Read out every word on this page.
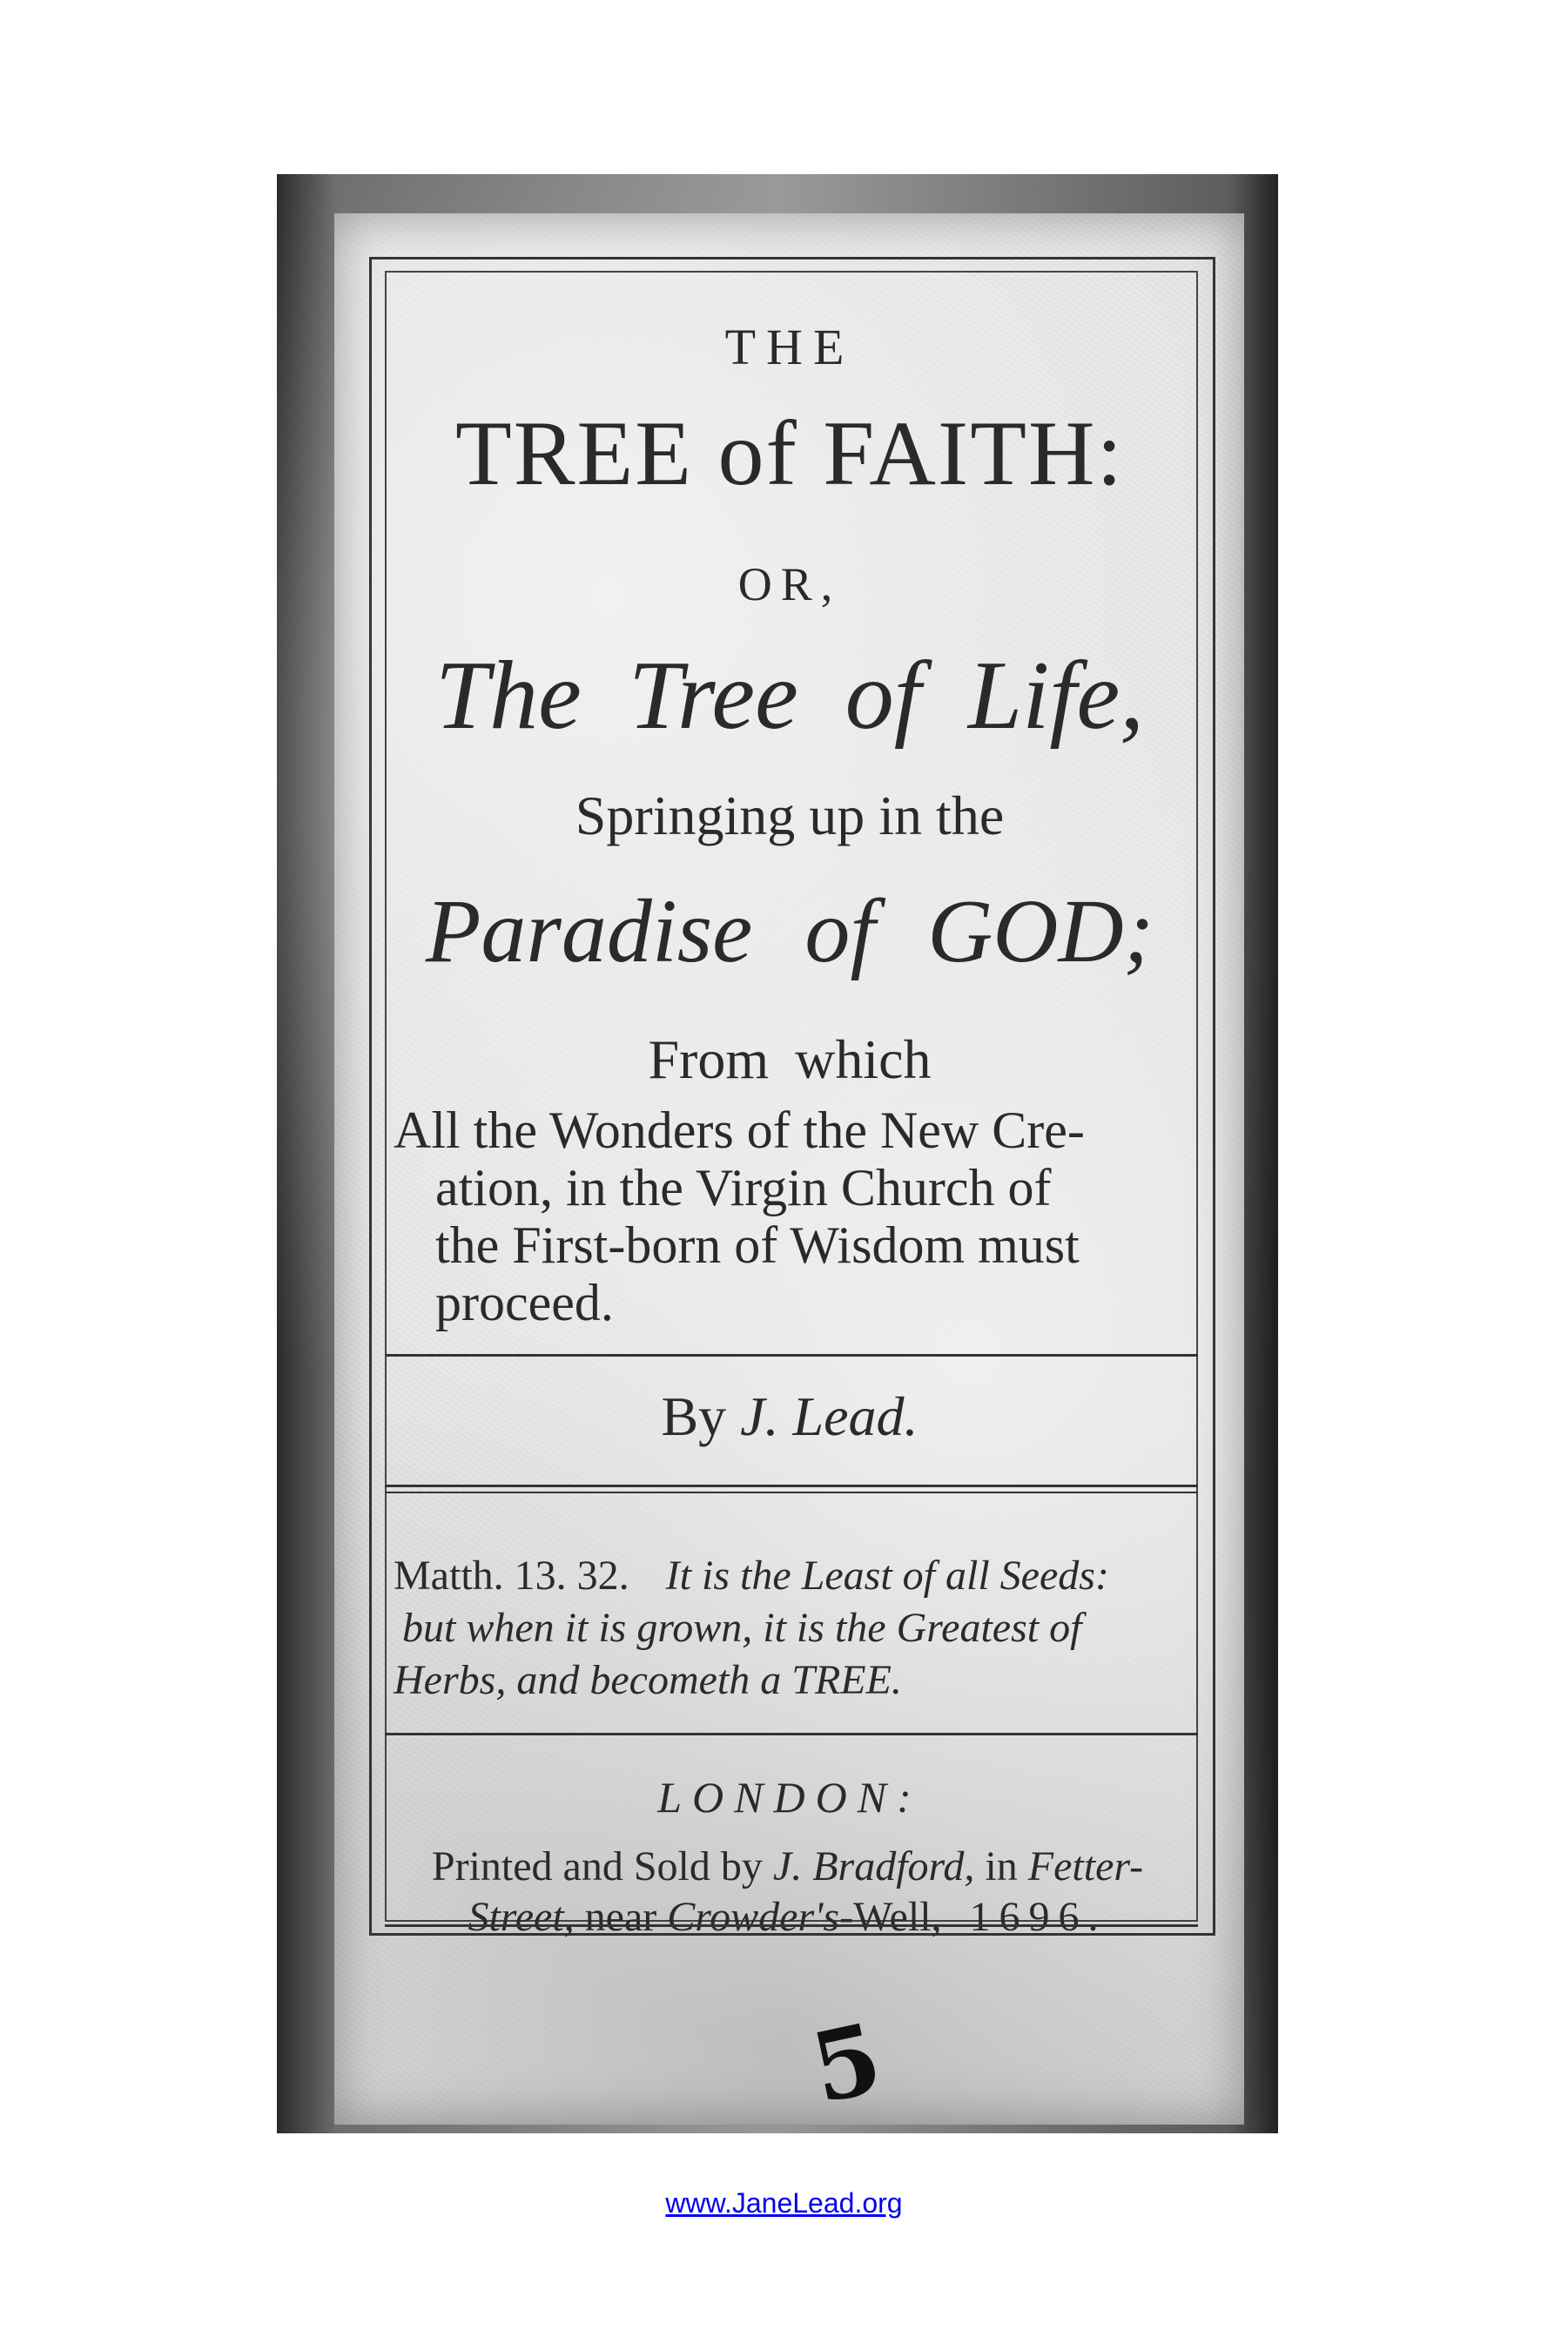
THE
TREE of FAITH:
OR,
The Tree of Life,
Springing up in the
Paradise of GOD;
From which
All the Wonders of the New Cre-
ation, in the Virgin Church of
the First-born of Wisdom must
proceed.
By J. Lead.
Matth. 13. 32. It is the Least of all Seeds:
but when it is grown, it is the Greatest of
Herbs, and becometh a TREE.
LONDON:
Printed and Sold by J. Bradford, in Fetter-
Street, near Crowder's-Well, 1696.
5
www.JaneLead.org
